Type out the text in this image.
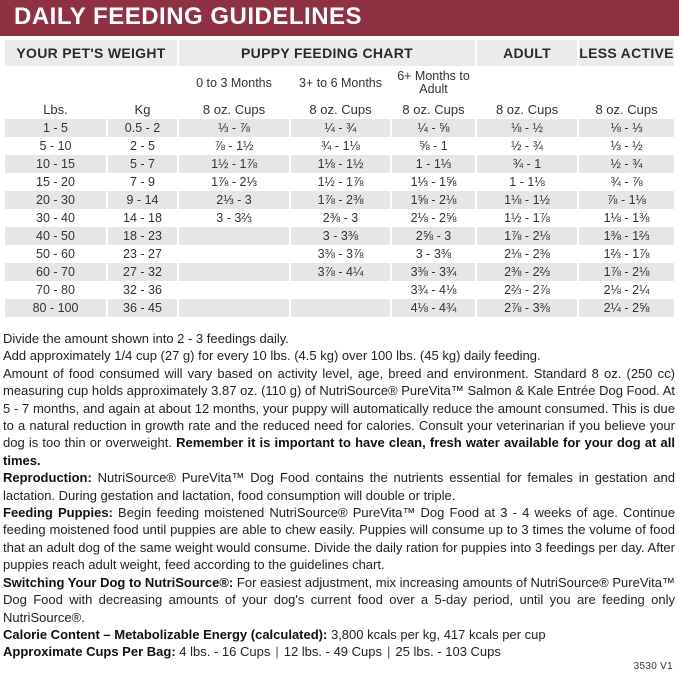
DAILY FEEDING GUIDELINES
YOUR PET'S WEIGHT		PUPPY FEEDING CHART			ADULT	LESS ACTIVE
		0 to 3 Months	3+ to 6 Months	6+ Months to Adult		
Lbs.	Kg	8 oz. Cups	8 oz. Cups	8 oz. Cups	8 oz. Cups	8 oz. Cups
1 - 5	0.5 - 2	⅓ - ⅞	¼ - ¾	¼ - ⅝	⅛ - ½	⅛ - ⅓
5 - 10	2 - 5	⅞ - 1½	¾ - 1⅛	⅝ - 1	½ - ¾	⅓ - ½
10 - 15	5 - 7	1½ - 1⅞	1⅛ - 1½	1 - 1⅓	¾ - 1	½ - ¾
15 - 20	7 - 9	1⅞ - 2⅓	1½ - 1⅞	1⅓ - 1⅝	1 - 1⅛	¾ - ⅞
20 - 30	9 - 14	2⅓ - 3	1⅞ - 2⅜	1⅝ - 2⅛	1⅛ - 1½	⅞ - 1⅛
30 - 40	14 - 18	3 - 3⅔	2⅜ - 3	2⅛ - 2⅝	1½ - 1⅞	1⅛ - 1⅜
40 - 50	18 - 23		3 - 3⅜	2⅝ - 3	1⅞ - 2⅛	1⅜ - 1⅔
50 - 60	23 - 27		3⅜ - 3⅞	3 - 3⅜	2⅛ - 2⅜	1⅔ - 1⅞
60 - 70	27 - 32		3⅞ - 4¼	3⅜ - 3¾	2⅜ - 2⅔	1⅞ - 2⅛
70 - 80	32 - 36			3¾ - 4⅛	2⅔ - 2⅞	2⅛ - 2¼
80 - 100	36 - 45			4⅛ - 4¾	2⅞ - 3⅜	2¼ - 2⅝

Divide the amount shown into 2 - 3 feedings daily.

Add approximately 1/4 cup (27 g) for every 10 lbs. (4.5 kg) over 100 lbs. (45 kg) daily feeding.

Amount of food consumed will vary based on activity level, age, breed and environment. Standard 8 oz. (250 cc) measuring cup holds approximately 3.87 oz. (110 g) of NutriSource® PureVita™ Salmon & Kale Entrée Dog Food. At 5 - 7 months, and again at about 12 months, your puppy will automatically reduce the amount consumed. This is due to a natural reduction in growth rate and the reduced need for calories. Consult your veterinarian if you believe your dog is too thin or overweight. Remember it is important to have clean, fresh water available for your dog at all times.

Reproduction: NutriSource® PureVita™ Dog Food contains the nutrients essential for females in gestation and lactation. During gestation and lactation, food consumption will double or triple.

Feeding Puppies: Begin feeding moistened NutriSource® PureVita™ Dog Food at 3 - 4 weeks of age. Continue feeding moistened food until puppies are able to chew easily. Puppies will consume up to 3 times the volume of food that an adult dog of the same weight would consume. Divide the daily ration for puppies into 3 feedings per day. After puppies reach adult weight, feed according to the guidelines chart.

Switching Your Dog to NutriSource®: For easiest adjustment, mix increasing amounts of NutriSource® PureVita™ Dog Food with decreasing amounts of your dog's current food over a 5-day period, until you are feeding only NutriSource®.

Calorie Content – Metabolizable Energy (calculated): 3,800 kcals per kg, 417 kcals per cup

Approximate Cups Per Bag: 4 lbs. - 16 Cups | 12 lbs. - 49 Cups | 25 lbs. - 103 Cups

3530 V1
